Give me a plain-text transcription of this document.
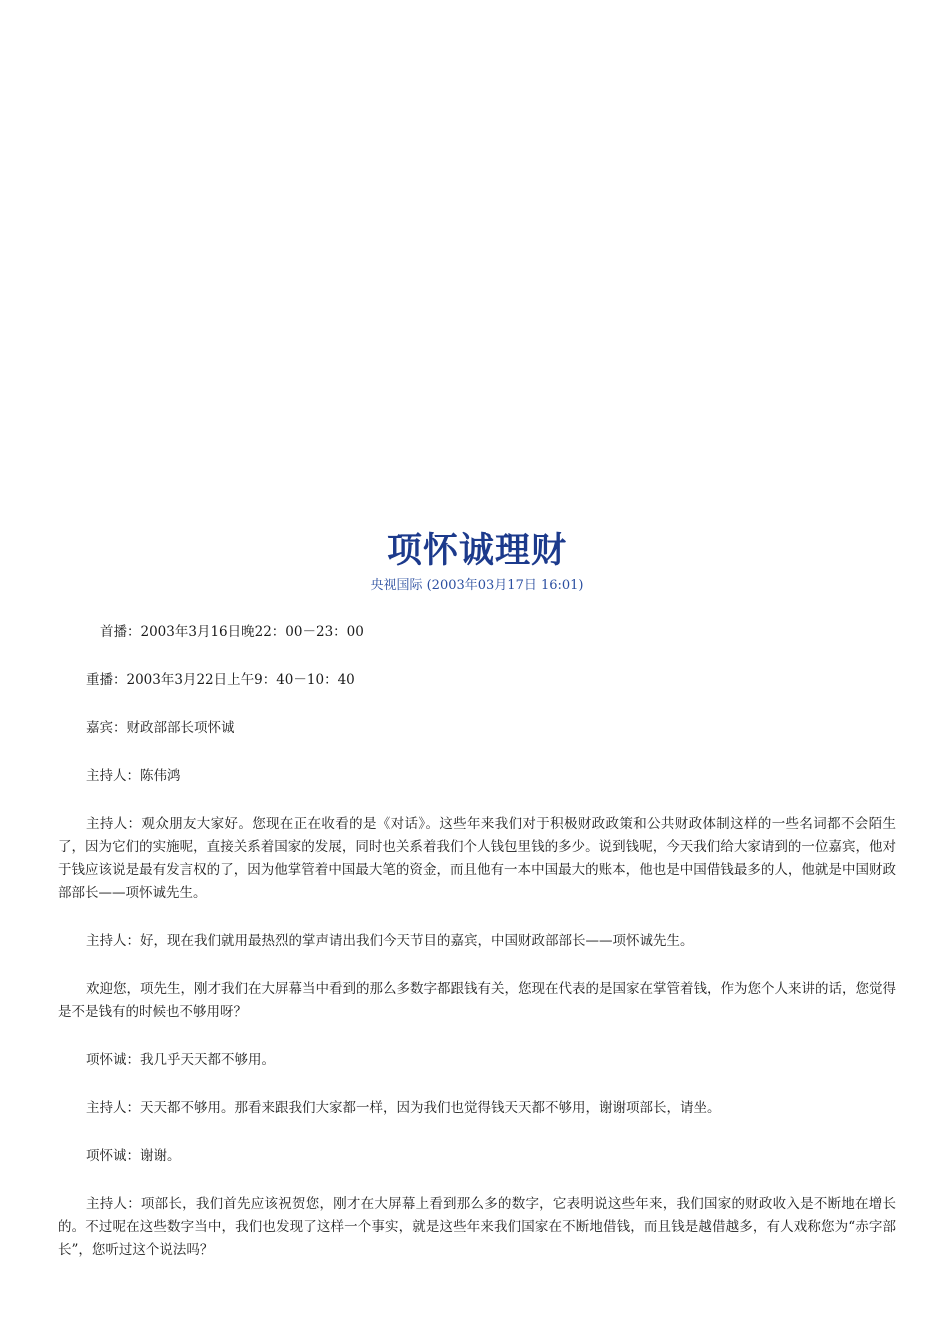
项怀诚理财
央视国际 (2003年03月17日 16:01)

首播：2003年3月16日晚22：00－23：00

重播：2003年3月22日上午9：40－10：40

嘉宾：财政部部长项怀诚

主持人：陈伟鸿

主持人：观众朋友大家好。您现在正在收看的是《对话》。这些年来我们对于积极财政政策和公共财政体制这样的一些名词都不会陌生了，因为它们的实施呢，直接关系着国家的发展，同时也关系着我们个人钱包里钱的多少。说到钱呢，今天我们给大家请到的一位嘉宾，他对于钱应该说是最有发言权的了，因为他掌管着中国最大笔的资金，而且他有一本中国最大的账本，他也是中国借钱最多的人，他就是中国财政部部长——项怀诚先生。

主持人：好，现在我们就用最热烈的掌声请出我们今天节目的嘉宾，中国财政部部长——项怀诚先生。

欢迎您，项先生，刚才我们在大屏幕当中看到的那么多数字都跟钱有关，您现在代表的是国家在掌管着钱，作为您个人来讲的话，您觉得是不是钱有的时候也不够用呀？

项怀诚：我几乎天天都不够用。

主持人：天天都不够用。那看来跟我们大家都一样，因为我们也觉得钱天天都不够用，谢谢项部长，请坐。

项怀诚：谢谢。

主持人：项部长，我们首先应该祝贺您，刚才在大屏幕上看到那么多的数字，它表明说这些年来，我们国家的财政收入是不断地在增长的。不过呢在这些数字当中，我们也发现了这样一个事实，就是这些年来我们国家在不断地借钱，而且钱是越借越多，有人戏称您为“赤字部长”，您听过这个说法吗？
